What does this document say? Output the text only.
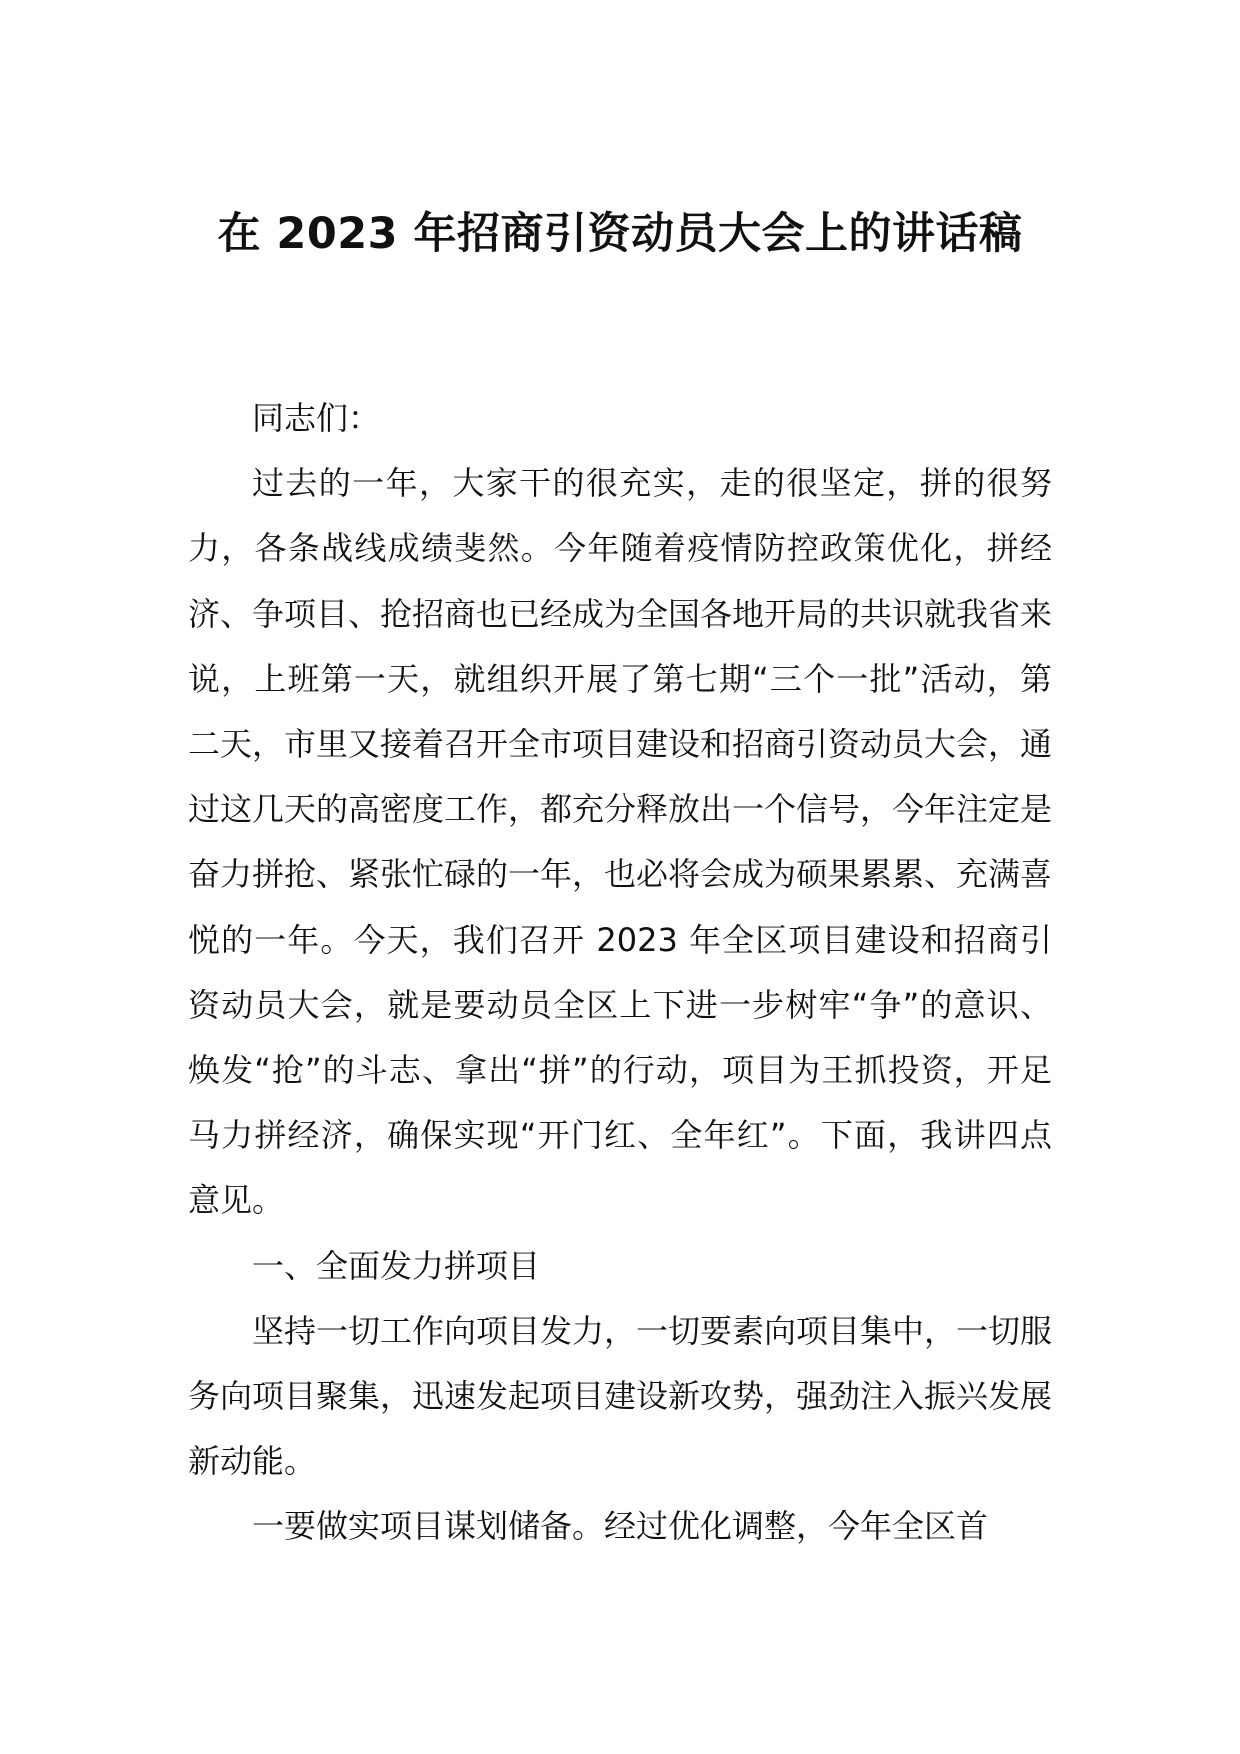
在 2023 年招商引资动员大会上的讲话稿

同志们：

过去的一年，大家干的很充实，走的很坚定，拼的很努力，各条战线成绩斐然。今年随着疫情防控政策优化，拼经济、争项目、抢招商也已经成为全国各地开局的共识就我省来说，上班第一天，就组织开展了第七期“三个一批”活动，第二天，市里又接着召开全市项目建设和招商引资动员大会，通过这几天的高密度工作，都充分释放出一个信号，今年注定是奋力拼抢、紧张忙碌的一年，也必将会成为硕果累累、充满喜悦的一年。今天，我们召开 2023 年全区项目建设和招商引资动员大会，就是要动员全区上下进一步树牢“争”的意识、焕发“抢”的斗志、拿出“拼”的行动，项目为王抓投资，开足马力拼经济，确保实现“开门红、全年红”。下面，我讲四点意见。

一、全面发力拼项目

坚持一切工作向项目发力，一切要素向项目集中，一切服务向项目聚集，迅速发起项目建设新攻势，强劲注入振兴发展新动能。

一要做实项目谋划储备。经过优化调整，今年全区首
